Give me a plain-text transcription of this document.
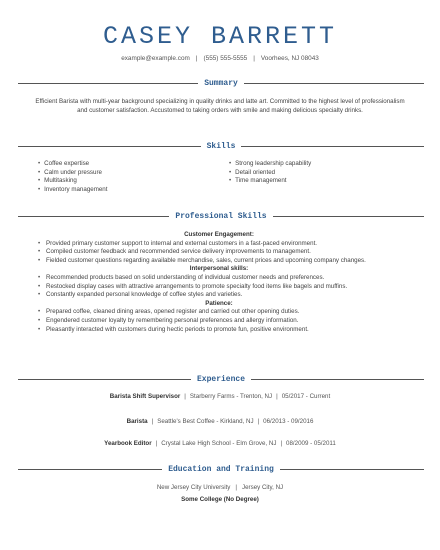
CASEY BARRETT
example@example.com | (555) 555-5555 | Voorhees, NJ 08043
Summary
Efficient Barista with multi-year background specializing in quality drinks and latte art. Committed to the highest level of professionalism and customer satisfaction. Accustomed to taking orders with smile and making delicious specialty drinks.
Skills
• Coffee expertise
• Calm under pressure
• Multitasking
• Inventory management
• Strong leadership capability
• Detail oriented
• Time management
Professional Skills
Customer Engagement:
• Provided primary customer support to internal and external customers in a fast-paced environment.
• Compiled customer feedback and recommended service delivery improvements to management.
• Fielded customer questions regarding available merchandise, sales, current prices and upcoming company changes.
Interpersonal skills:
• Recommended products based on solid understanding of individual customer needs and preferences.
• Restocked display cases with attractive arrangements to promote specialty food items like bagels and muffins.
• Constantly expanded personal knowledge of coffee styles and varieties.
Patience:
• Prepared coffee, cleaned dining areas, opened register and carried out other opening duties.
• Engendered customer loyalty by remembering personal preferences and allergy information.
• Pleasantly interacted with customers during hectic periods to promote fun, positive environment.
Experience
Barista Shift Supervisor | Starberry Farms - Trenton, NJ | 05/2017 - Current
Barista | Seattle's Best Coffee - Kirkland, NJ | 06/2013 - 09/2016
Yearbook Editor | Crystal Lake High School - Elm Grove, NJ | 08/2009 - 05/2011
Education and Training
New Jersey City University | Jersey City, NJ
Some College (No Degree)
